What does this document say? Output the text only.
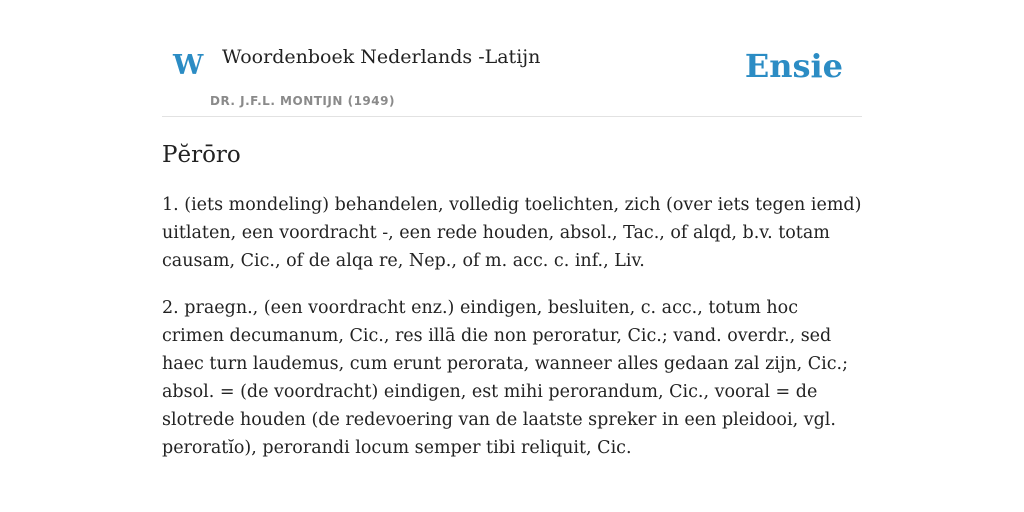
W Woordenboek Nederlands -Latijn
DR. J.F.L. MONTIJN (1949)
Ensie
Pĕrōro

1. (iets mondeling) behandelen, volledig toelichten, zich (over iets tegen iemd) uitlaten, een voordracht -, een rede houden, absol., Tac., of alqd, b.v. totam causam, Cic., of de alqa re, Nep., of m. acc. c. inf., Liv.

2. praegn., (een voordracht enz.) eindigen, besluiten, c. acc., totum hoc crimen decumanum, Cic., res illā die non peroratur, Cic.; vand. overdr., sed haec turn laudemus, cum erunt perorata, wanneer alles gedaan zal zijn, Cic.; absol. = (de voordracht) eindigen, est mihi perorandum, Cic., vooral = de slotrede houden (de redevoering van de laatste spreker in een pleidooi, vgl. peroratĭo), perorandi locum semper tibi reliquit, Cic.
